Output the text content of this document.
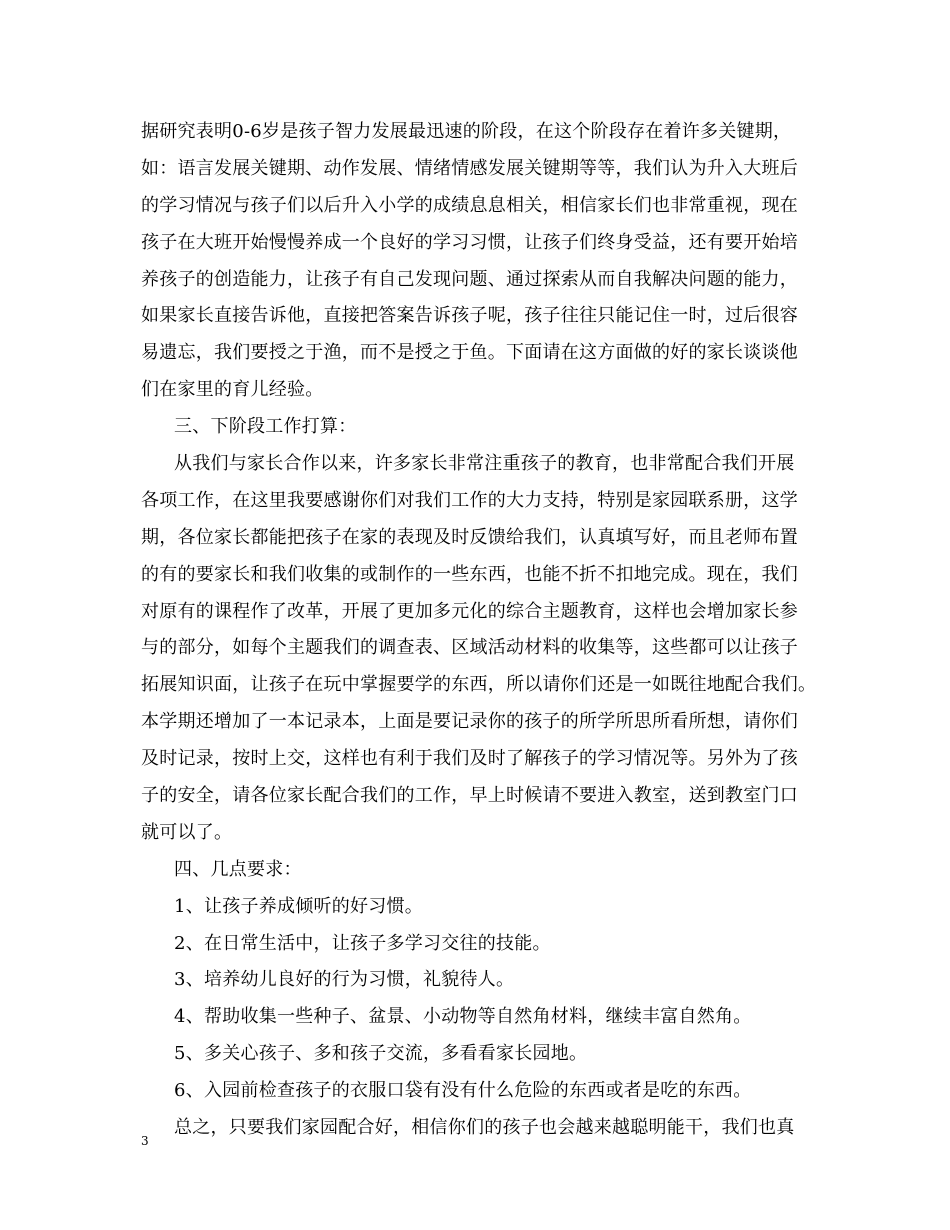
据研究表明0-6岁是孩子智力发展最迅速的阶段，在这个阶段存在着许多关键期，
如：语言发展关键期、动作发展、情绪情感发展关键期等等，我们认为升入大班后
的学习情况与孩子们以后升入小学的成绩息息相关，相信家长们也非常重视，现在
孩子在大班开始慢慢养成一个良好的学习习惯，让孩子们终身受益，还有要开始培
养孩子的创造能力，让孩子有自己发现问题、通过探索从而自我解决问题的能力，
如果家长直接告诉他，直接把答案告诉孩子呢，孩子往往只能记住一时，过后很容
易遗忘，我们要授之于渔，而不是授之于鱼。下面请在这方面做的好的家长谈谈他
们在家里的育儿经验。
三、下阶段工作打算：
从我们与家长合作以来，许多家长非常注重孩子的教育，也非常配合我们开展
各项工作，在这里我要感谢你们对我们工作的大力支持，特别是家园联系册，这学
期，各位家长都能把孩子在家的表现及时反馈给我们，认真填写好，而且老师布置
的有的要家长和我们收集的或制作的一些东西，也能不折不扣地完成。现在，我们
对原有的课程作了改革，开展了更加多元化的综合主题教育，这样也会增加家长参
与的部分，如每个主题我们的调查表、区域活动材料的收集等，这些都可以让孩子
拓展知识面，让孩子在玩中掌握要学的东西，所以请你们还是一如既往地配合我们。
本学期还增加了一本记录本，上面是要记录你的孩子的所学所思所看所想，请你们
及时记录，按时上交，这样也有利于我们及时了解孩子的学习情况等。另外为了孩
子的安全，请各位家长配合我们的工作，早上时候请不要进入教室，送到教室门口
就可以了。
四、几点要求：
1、让孩子养成倾听的好习惯。
2、在日常生活中，让孩子多学习交往的技能。
3、培养幼儿良好的行为习惯，礼貌待人。
4、帮助收集一些种子、盆景、小动物等自然角材料，继续丰富自然角。
5、多关心孩子、多和孩子交流，多看看家长园地。
6、入园前检查孩子的衣服口袋有没有什么危险的东西或者是吃的东西。
总之，只要我们家园配合好，相信你们的孩子也会越来越聪明能干，我们也真
3
